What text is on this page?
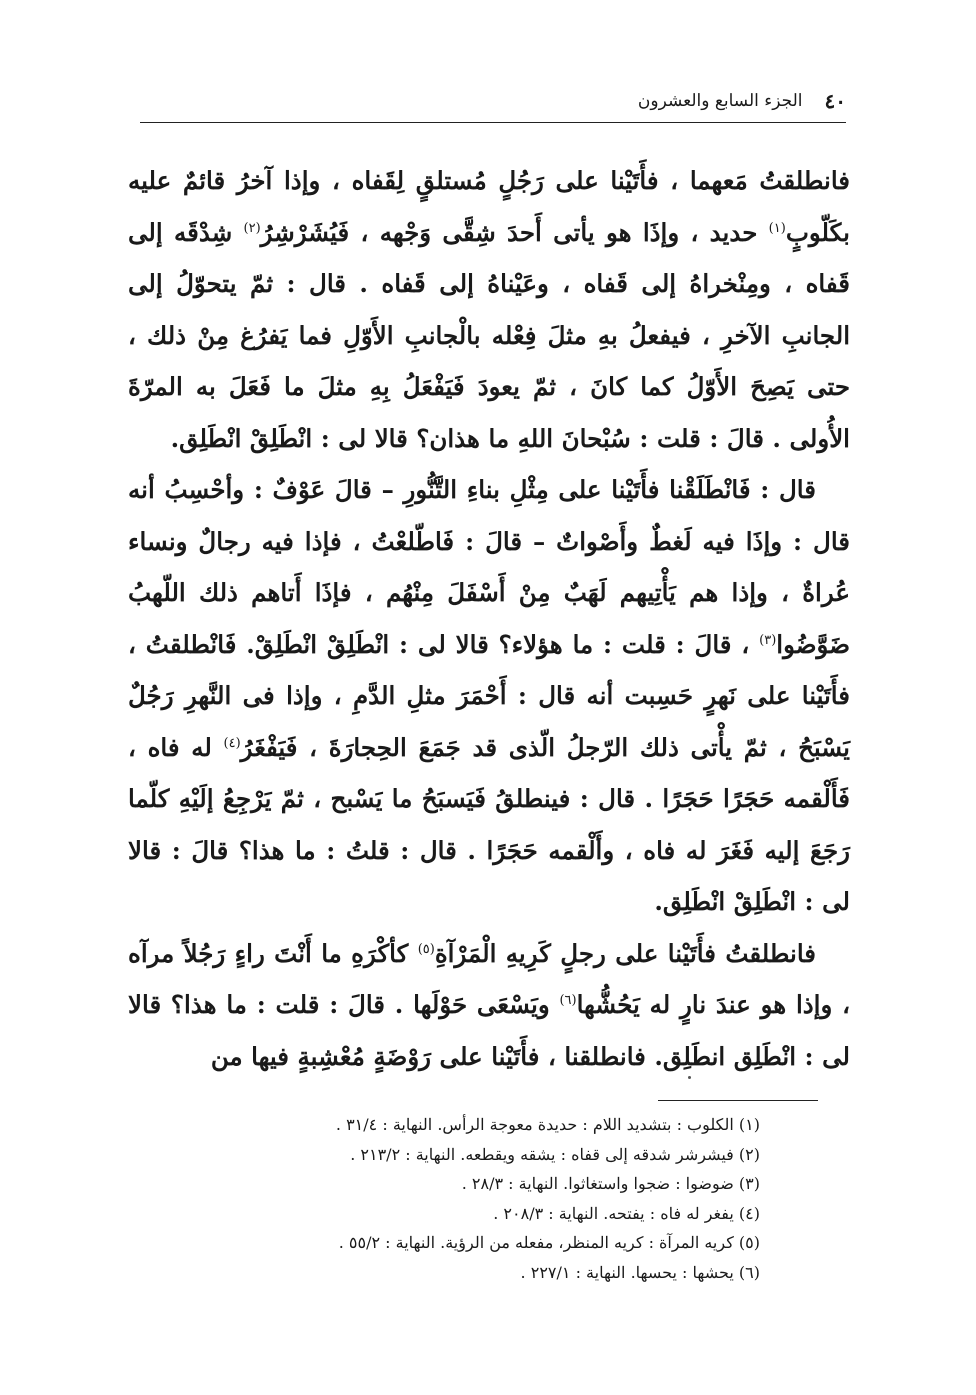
٤٠
الجزء السابع والعشرون

فانطلقتُ مَعهما ، فأَتَيْنا على رَجُلٍ مُستلقٍ لِقَفاه ، وإذا آخرُ قائمٌ عليه بكَلّوبٍ$^{(١)}$ حديد ، وإذَا هو يأتى أَحدَ شِقَّى وَجْهه ، فَيُشَرْشِرُ$^{(٢)}$ شِدْقَه إلى قَفاه ، ومِنْخراهُ إلى قَفاه ، وعَيْناهُ إلى قَفاه . قال : ثمّ يتحوّلُ إلى الجانبِ الآخرِ ، فيفعلُ بهِ مثلَ فِعْله بالْجانبِ الأَوّلِ فما يَفرُغ مِنْ ذلك ، حتى يَصِحَ الأَوّلُ كما كانَ ، ثمّ يعودَ فَيَفْعَلُ بِهِ مثلَ ما فَعَلَ به المرّةَ الأُولى . قالَ : قلت : سُبْحانَ اللهِ ما هذان؟ قالا لى : انْطَلِقْ انْطَلِق.

قال : فَانْطَلَقْنا فأَتَيْنا على مِثْلِ بناءِ التَّنُّورِ – قالَ عَوْفٌ : وأحْسِبُ أنه قال : وإذَا فيه لَغطٌ وأَصْواتٌ – قالَ : فَاطّلعْتُ ، فإذا فيه رجالٌ ونساء عُراةٌ ، وإذا هم يَأْتِيهم لَهَبٌ مِنْ أَسْفَلَ مِنْهُم ، فإذَا أَتاهم ذلك اللّهبُ ضَوَّضُوا$^{(٣)}$ ، قالَ : قلت : ما هؤلاء؟ قالا لى : انْطَلِقْ انْطَلِقْ. فَانْطلقتُ ، فأَتَيْنا على نَهرٍ حَسِبت أنه قال : أَحْمَرَ مثلِ الدَّمِ ، وإذا فى النَّهرِ رَجُلٌ يَسْبَحُ ، ثمّ يأْتى ذلك الرّجلُ الّذى قد جَمَعَ الحِجارَةَ ، فَيَفْغَرُ$^{(٤)}$ له فاه ، فَأَلْقمه حَجَرًا حَجَرًا . قال : فينطلقُ فَيَسبَحُ ما يَسْبح ، ثمّ يَرْجِعُ إلَيْهِ كلّما رَجَعَ إليه فَغَرَ له فاه ، وأَلْقمه حَجَرًا . قال : قلتُ : ما هذا؟ قالَ : قالا لى : انْطَلِقْ انْطَلِق.

فانطلقتُ فأَتَيْنا على رجلٍ كَرِيهِ الْمَرْآةِ$^{(٥)}$ كأكْرَهِ ما أَنْتَ راءٍ رَجُلاً مرآه ، وإذا هو عندَ نارٍ له يَحُشُّها$^{(٦)}$ ويَسْعَى حَوْلَها . قالَ : قلت : ما هذا؟ قالا لى : انْطَلِق انطَلِق. فانطلقنا ، فأَتَيْنا على رَوْضَةٍ مُعْشِبةٍ فيها من

(١) الكلوب : بتشديد اللام : حديدة معوجة الرأس. النهاية : ٣١/٤ .

(٢) فيشرشر شدقه إلى قفاه : يشقه ويقطعه. النهاية : ٢١٣/٢ .

(٣) ضوضوا : ضجوا واستغاثوا. النهاية : ٢٨/٣ .

(٤) يفغر له فاه : يفتحه. النهاية : ٢٠٨/٣ .

(٥) كريه المرآة : كريه المنظر، مفعله من الرؤية. النهاية : ٥٥/٢ .

(٦) يحشها : يحسها. النهاية : ٢٢٧/١ .
